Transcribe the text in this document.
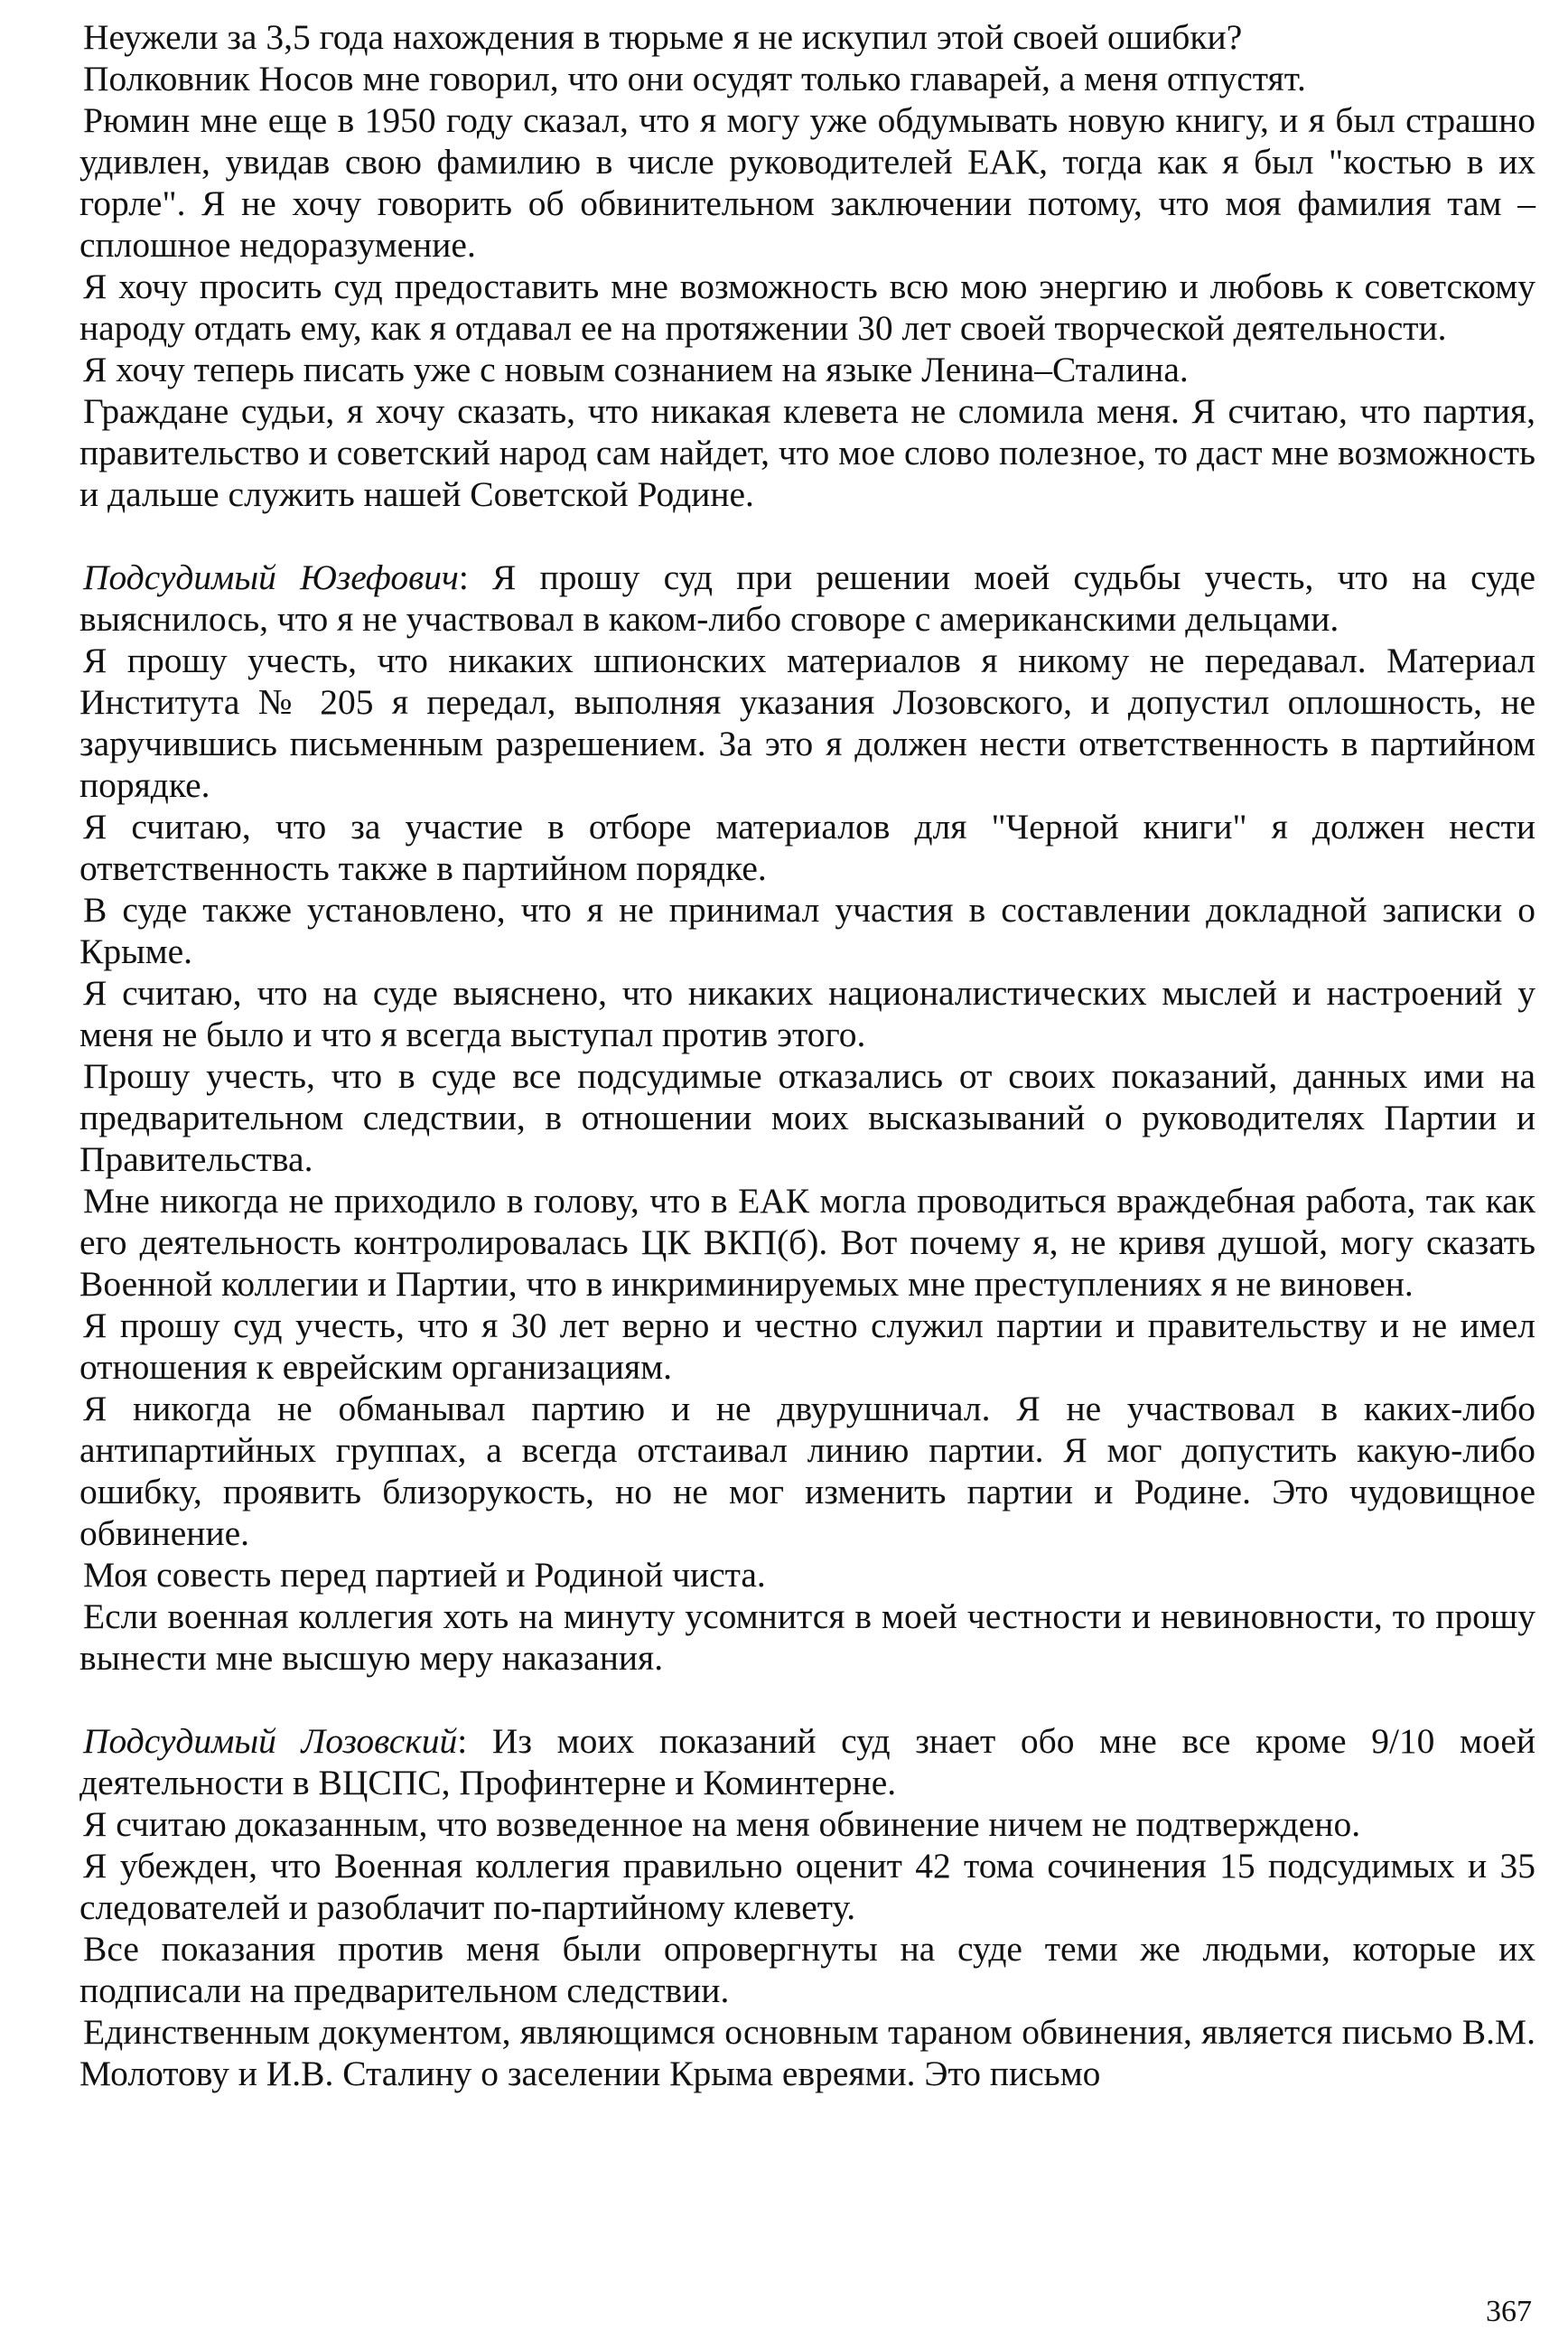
Неужели за 3,5 года нахождения в тюрьме я не искупил этой своей ошибки?

Полковник Носов мне говорил, что они осудят только главарей, а меня отпустят.

Рюмин мне еще в 1950 году сказал, что я могу уже обдумывать новую книгу, и я был страшно удивлен, увидав свою фамилию в числе руководителей ЕАК, тогда как я был "костью в их горле". Я не хочу говорить об обвинительном заключении потому, что моя фамилия там – сплошное недоразумение.

Я хочу просить суд предоставить мне возможность всю мою энергию и любовь к советскому народу отдать ему, как я отдавал ее на протяжении 30 лет своей творческой деятельности.

Я хочу теперь писать уже с новым сознанием на языке Ленина–Сталина.

Граждане судьи, я хочу сказать, что никакая клевета не сломила меня. Я считаю, что партия, правительство и советский народ сам найдет, что мое слово полезное, то даст мне возможность и дальше служить нашей Советской Родине.

Подсудимый Юзефович: Я прошу суд при решении моей судьбы учесть, что на суде выяснилось, что я не участвовал в каком-либо сговоре с американскими дельцами.

Я прошу учесть, что никаких шпионских материалов я никому не передавал. Материал Института № 205 я передал, выполняя указания Лозовского, и допустил оплошность, не заручившись письменным разрешением. За это я должен нести ответственность в партийном порядке.

Я считаю, что за участие в отборе материалов для "Черной книги" я должен нести ответственность также в партийном порядке.

В суде также установлено, что я не принимал участия в составлении докладной записки о Крыме.

Я считаю, что на суде выяснено, что никаких националистических мыслей и настроений у меня не было и что я всегда выступал против этого.

Прошу учесть, что в суде все подсудимые отказались от своих показаний, данных ими на предварительном следствии, в отношении моих высказываний о руководителях Партии и Правительства.

Мне никогда не приходило в голову, что в ЕАК могла проводиться враждебная работа, так как его деятельность контролировалась ЦК ВКП(б). Вот почему я, не кривя душой, могу сказать Военной коллегии и Партии, что в инкриминируемых мне преступлениях я не виновен.

Я прошу суд учесть, что я 30 лет верно и честно служил партии и правительству и не имел отношения к еврейским организациям.

Я никогда не обманывал партию и не двурушничал. Я не участвовал в каких-либо антипартийных группах, а всегда отстаивал линию партии. Я мог допустить какую-либо ошибку, проявить близорукость, но не мог изменить партии и Родине. Это чудовищное обвинение.

Моя совесть перед партией и Родиной чиста.

Если военная коллегия хоть на минуту усомнится в моей честности и невиновности, то прошу вынести мне высшую меру наказания.

Подсудимый Лозовский: Из моих показаний суд знает обо мне все кроме 9/10 моей деятельности в ВЦСПС, Профинтерне и Коминтерне.

Я считаю доказанным, что возведенное на меня обвинение ничем не подтверждено.

Я убежден, что Военная коллегия правильно оценит 42 тома сочинения 15 подсудимых и 35 следователей и разоблачит по-партийному клевету.

Все показания против меня были опровергнуты на суде теми же людьми, которые их подписали на предварительном следствии.

Единственным документом, являющимся основным тараном обвинения, является письмо В.М. Молотову и И.В. Сталину о заселении Крыма евреями. Это письмо

367
